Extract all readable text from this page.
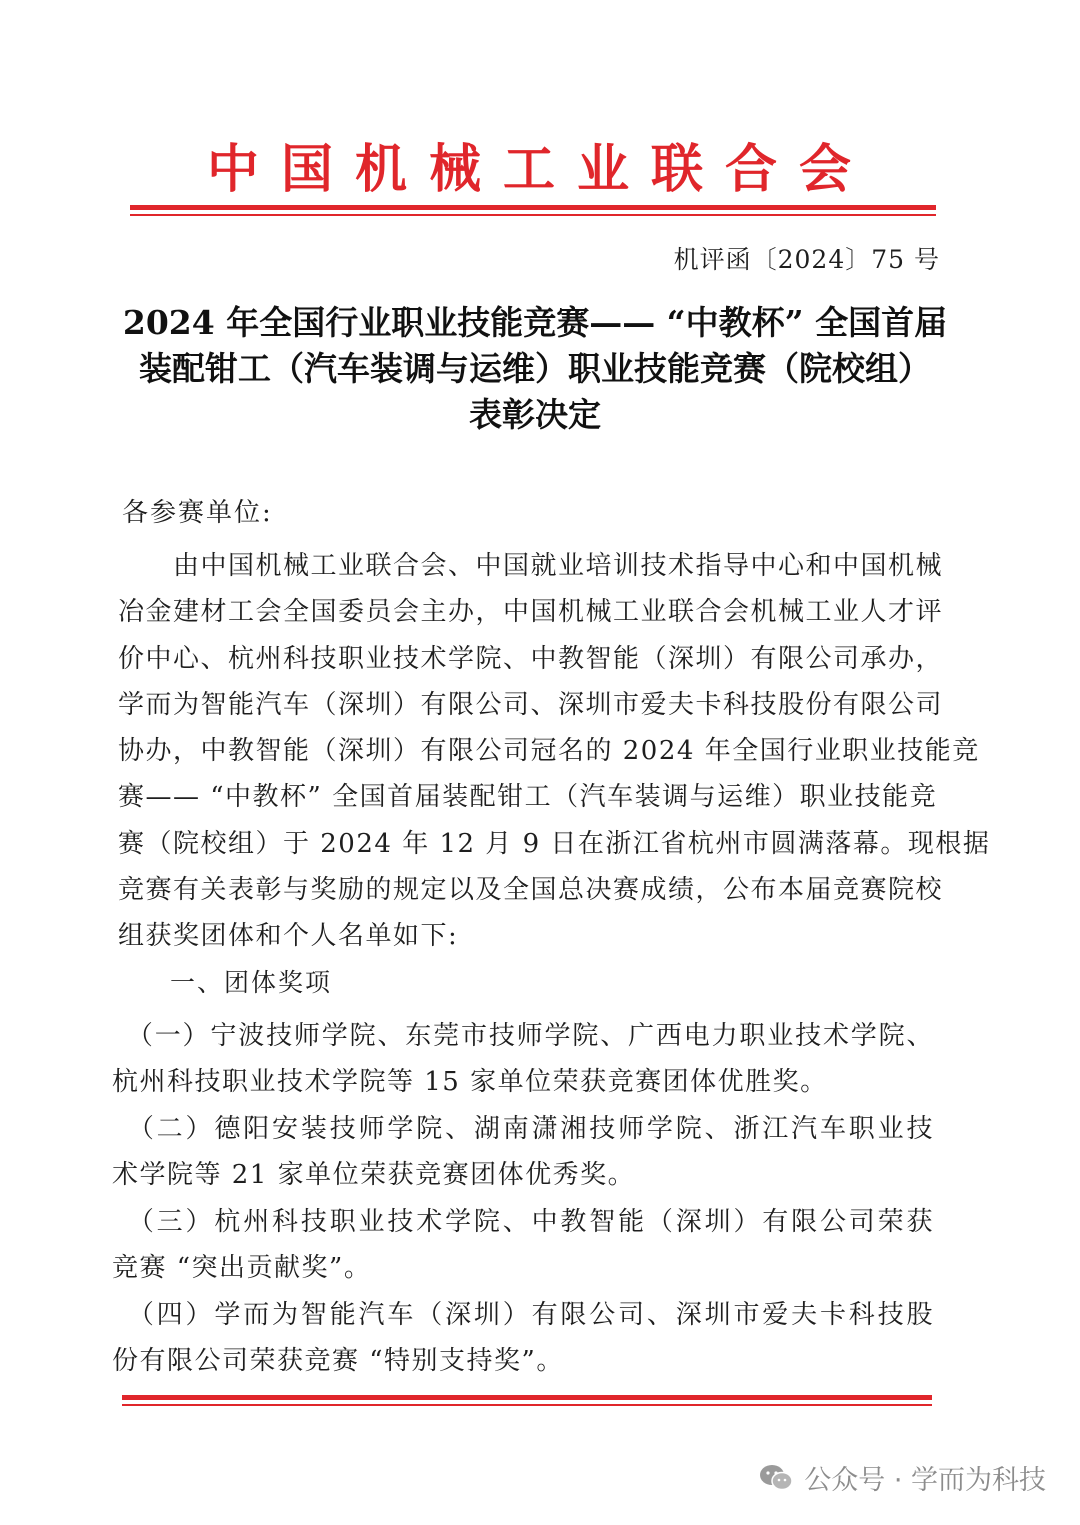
中国机械工业联合会
机评函〔2024〕75 号
2024 年全国行业职业技能竞赛—— “中教杯” 全国首届
装配钳工（汽车装调与运维）职业技能竞赛（院校组）
表彰决定
各参赛单位:
　　由中国机械工业联合会、中国就业培训技术指导中心和中国机械
冶金建材工会全国委员会主办，中国机械工业联合会机械工业人才评
价中心、杭州科技职业技术学院、中教智能（深圳）有限公司承办，
学而为智能汽车（深圳）有限公司、深圳市爱夫卡科技股份有限公司
协办，中教智能（深圳）有限公司冠名的 2024 年全国行业职业技能竞
赛—— “中教杯” 全国首届装配钳工（汽车装调与运维）职业技能竞
赛（院校组）于 2024 年 12 月 9 日在浙江省杭州市圆满落幕。现根据
竞赛有关表彰与奖励的规定以及全国总决赛成绩，公布本届竞赛院校
组获奖团体和个人名单如下:
一、团体奖项
　（一）宁波技师学院、东莞市技师学院、广西电力职业技术学院、
杭州科技职业技术学院等 15 家单位荣获竞赛团体优胜奖。
　（二）德阳安装技师学院、湖南潇湘技师学院、浙江汽车职业技
术学院等 21 家单位荣获竞赛团体优秀奖。
　（三）杭州科技职业技术学院、中教智能（深圳）有限公司荣获
竞赛 “突出贡献奖”。
　（四）学而为智能汽车（深圳）有限公司、深圳市爱夫卡科技股
份有限公司荣获竞赛 “特别支持奖”。
公众号 · 学而为科技
